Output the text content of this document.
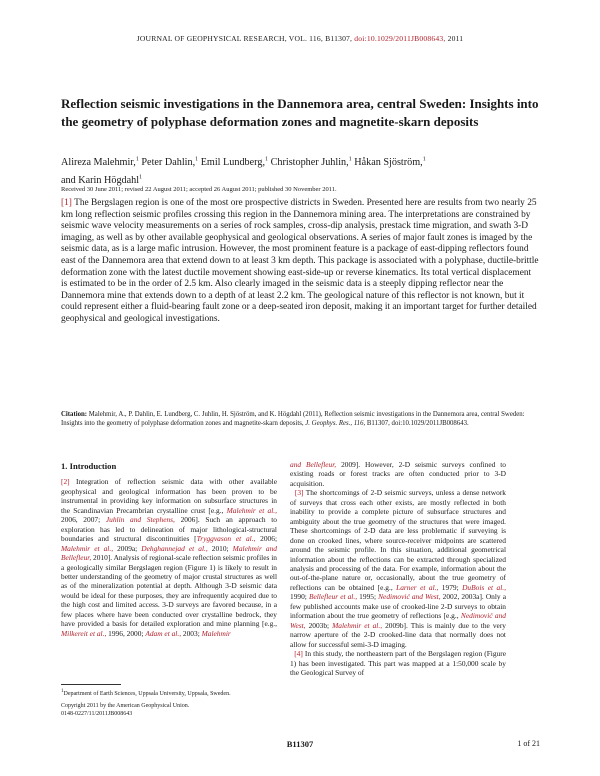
JOURNAL OF GEOPHYSICAL RESEARCH, VOL. 116, B11307, doi:10.1029/2011JB008643, 2011
Reflection seismic investigations in the Dannemora area, central Sweden: Insights into the geometry of polyphase deformation zones and magnetite-skarn deposits
Alireza Malehmir,$^1$ Peter Dahlin,$^1$ Emil Lundberg,$^1$ Christopher Juhlin,$^1$ Håkan Sjöström,$^1$
and Karin Högdahl$^1$
Received 30 June 2011; revised 22 August 2011; accepted 26 August 2011; published 30 November 2011.
[1] The Bergslagen region is one of the most ore prospective districts in Sweden. Presented here are results from two nearly 25 km long reflection seismic profiles crossing this region in the Dannemora mining area. The interpretations are constrained by seismic wave velocity measurements on a series of rock samples, cross-dip analysis, prestack time migration, and swath 3-D imaging, as well as by other available geophysical and geological observations. A series of major fault zones is imaged by the seismic data, as is a large mafic intrusion. However, the most prominent feature is a package of east-dipping reflectors found east of the Dannemora area that extend down to at least 3 km depth. This package is associated with a polyphase, ductile-brittle deformation zone with the latest ductile movement showing east-side-up or reverse kinematics. Its total vertical displacement is estimated to be in the order of 2.5 km. Also clearly imaged in the seismic data is a steeply dipping reflector near the Dannemora mine that extends down to a depth of at least 2.2 km. The geological nature of this reflector is not known, but it could represent either a fluid-bearing fault zone or a deep-seated iron deposit, making it an important target for further detailed geophysical and geological investigations.
Citation: Malehmir, A., P. Dahlin, E. Lundberg, C. Juhlin, H. Sjöström, and K. Högdahl (2011), Reflection seismic investigations in the Dannemora area, central Sweden: Insights into the geometry of polyphase deformation zones and magnetite-skarn deposits, J. Geophys. Res., 116, B11307, doi:10.1029/2011JB008643.
1. Introduction

[2] Integration of reflection seismic data with other available geophysical and geological information has been proven to be instrumental in providing key information on subsurface structures in the Scandinavian Precambrian crystalline crust [e.g., Malehmir et al., 2006, 2007; Juhlin and Stephens, 2006]. Such an approach to exploration has led to delineation of major lithological-structural boundaries and structural discontinuities [Tryggvason et al., 2006; Malehmir et al., 2009a; Dehghannejad et al., 2010; Malehmir and Bellefleur, 2010]. Analysis of regional-scale reflection seismic profiles in a geologically similar Bergslagen region (Figure 1) is likely to result in better understanding of the geometry of major crustal structures as well as of the mineralization potential at depth. Although 3-D seismic data would be ideal for these purposes, they are infrequently acquired due to the high cost and limited access. 3-D surveys are favored because, in a few places where have been conducted over crystalline bedrock, they have provided a basis for detailed exploration and mine planning [e.g., Milkereit et al., 1996, 2000; Adam et al., 2003; Malehmir

and Bellefleur, 2009]. However, 2-D seismic surveys confined to existing roads or forest tracks are often conducted prior to 3-D acquisition.

[3] The shortcomings of 2-D seismic surveys, unless a dense network of surveys that cross each other exists, are mostly reflected in both inability to provide a complete picture of subsurface structures and ambiguity about the true geometry of the structures that were imaged. These shortcomings of 2-D data are less problematic if surveying is done on crooked lines, where source-receiver midpoints are scattered around the seismic profile. In this situation, additional geometrical information about the reflections can be extracted through specialized analysis and processing of the data. For example, information about the out-of-the-plane nature or, occasionally, about the true geometry of reflections can be obtained [e.g., Larner et al., 1979; DuBois et al., 1990; Bellefleur et al., 1995; Nedimović and West, 2002, 2003a]. Only a few published accounts make use of crooked-line 2-D surveys to obtain information about the true geometry of reflections [e.g., Nedimović and West, 2003b; Malehmir et al., 2009b]. This is mainly due to the very narrow aperture of the 2-D crooked-line data that normally does not allow for successful semi-3-D imaging.

[4] In this study, the northeastern part of the Bergslagen region (Figure 1) has been investigated. This part was mapped at a 1:50,000 scale by the Geological Survey of

$^1$Department of Earth Sciences, Uppsala University, Uppsala, Sweden.
Copyright 2011 by the American Geophysical Union.
0148-0227/11/2011JB008643
B11307	1 of 21
